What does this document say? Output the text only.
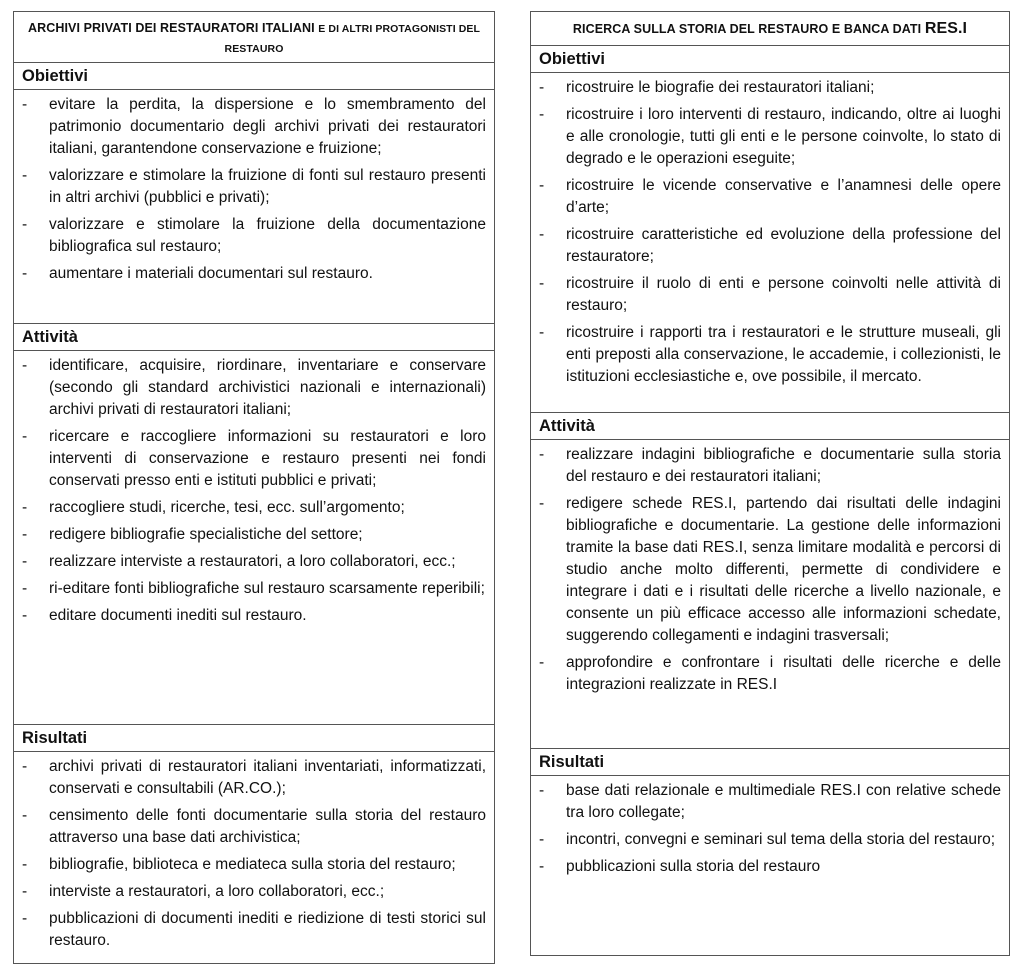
ARCHIVI PRIVATI DEI RESTAURATORI ITALIANI E DI ALTRI PROTAGONISTI DEL RESTAURO
Obiettivi
- evitare la perdita, la dispersione e lo smembramento del patrimonio documentario degli archivi privati dei restauratori italiani, garantendone conservazione e fruizione;
- valorizzare e stimolare la fruizione di fonti sul restauro presenti in altri archivi (pubblici e privati);
- valorizzare e stimolare la fruizione della documentazione bibliografica sul restauro;
- aumentare i materiali documentari sul restauro.
Attività
- identificare, acquisire, riordinare, inventariare e conservare (secondo gli standard archivistici nazionali e internazionali) archivi privati di restauratori italiani;
- ricercare e raccogliere informazioni su restauratori e loro interventi di conservazione e restauro presenti nei fondi conservati presso enti e istituti pubblici e privati;
- raccogliere studi, ricerche, tesi, ecc. sull’argomento;
- redigere bibliografie specialistiche del settore;
- realizzare interviste a restauratori, a loro collaboratori, ecc.;
- ri-editare fonti bibliografiche sul restauro scarsamente reperibili;
- editare documenti inediti sul restauro.
Risultati
- archivi privati di restauratori italiani inventariati, informatizzati, conservati e consultabili (AR.CO.);
- censimento delle fonti documentarie sulla storia del restauro attraverso una base dati archivistica;
- bibliografie, biblioteca e mediateca sulla storia del restauro;
- interviste a restauratori, a loro collaboratori, ecc.;
- pubblicazioni di documenti inediti e riedizione di testi storici sul restauro.
RICERCA SULLA STORIA DEL RESTAURO E BANCA DATI RES.I
Obiettivi
- ricostruire le biografie dei restauratori italiani;
- ricostruire i loro interventi di restauro, indicando, oltre ai luoghi e alle cronologie, tutti gli enti e le persone coinvolte, lo stato di degrado e le operazioni eseguite;
- ricostruire le vicende conservative e l’anamnesi delle opere d’arte;
- ricostruire caratteristiche ed evoluzione della professione del restauratore;
- ricostruire il ruolo di enti e persone coinvolti nelle attività di restauro;
- ricostruire i rapporti tra i restauratori e le strutture museali, gli enti preposti alla conservazione, le accademie, i collezionisti, le istituzioni ecclesiastiche e, ove possibile, il mercato.
Attività
- realizzare indagini bibliografiche e documentarie sulla storia del restauro e dei restauratori italiani;
- redigere schede RES.I, partendo dai risultati delle indagini bibliografiche e documentarie. La gestione delle informazioni tramite la base dati RES.I, senza limitare modalità e percorsi di studio anche molto differenti, permette di condividere e integrare i dati e i risultati delle ricerche a livello nazionale, e consente un più efficace accesso alle informazioni schedate, suggerendo collegamenti e indagini trasversali;
- approfondire e confrontare i risultati delle ricerche e delle integrazioni realizzate in RES.I
Risultati
- base dati relazionale e multimediale RES.I con relative schede tra loro collegate;
- incontri, convegni e seminari sul tema della storia del restauro;
- pubblicazioni sulla storia del restauro
